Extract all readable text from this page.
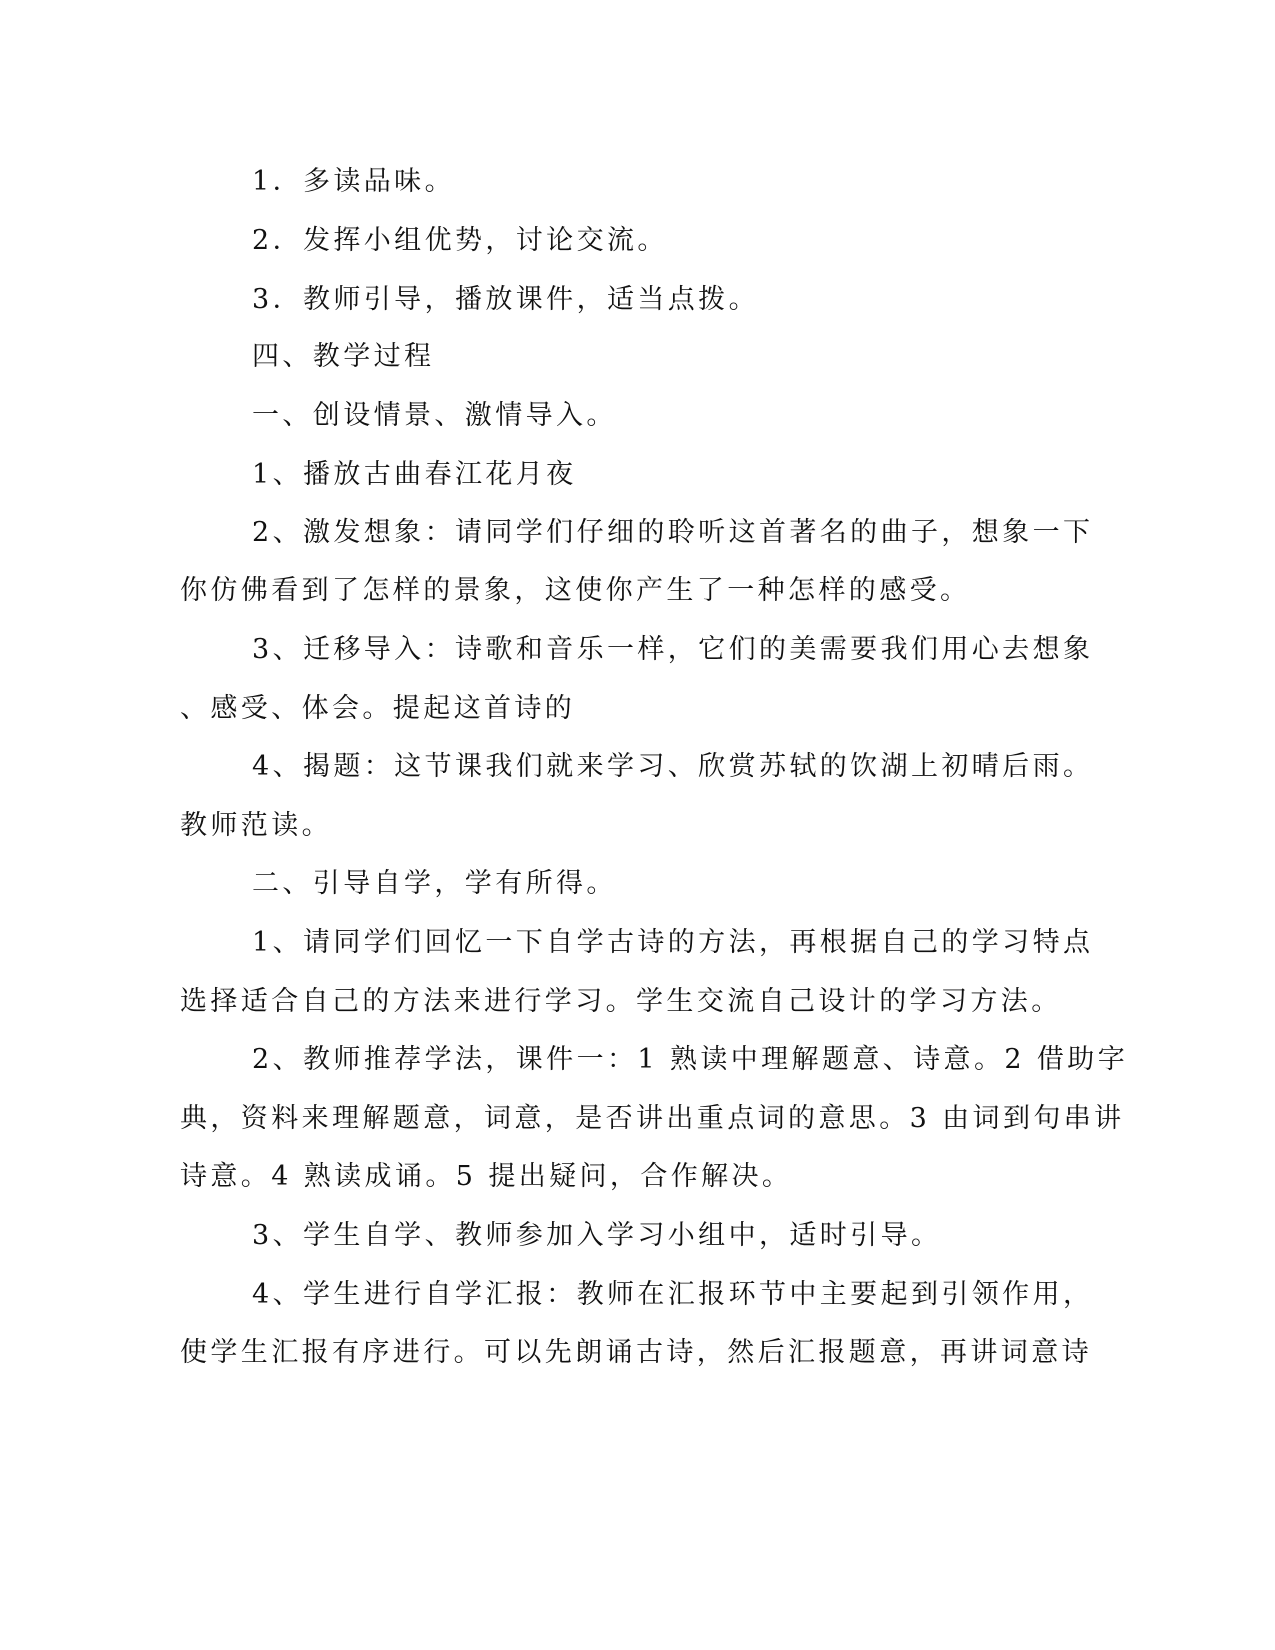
1．多读品味。
2．发挥小组优势，讨论交流。
3．教师引导，播放课件，适当点拨。
四、教学过程
一、创设情景、激情导入。
1、播放古曲春江花月夜
2、激发想象：请同学们仔细的聆听这首著名的曲子，想象一下
你仿佛看到了怎样的景象，这使你产生了一种怎样的感受。
3、迁移导入：诗歌和音乐一样，它们的美需要我们用心去想象
、感受、体会。提起这首诗的
4、揭题：这节课我们就来学习、欣赏苏轼的饮湖上初晴后雨。
教师范读。
二、引导自学，学有所得。
1、请同学们回忆一下自学古诗的方法，再根据自己的学习特点
选择适合自己的方法来进行学习。学生交流自己设计的学习方法。
2、教师推荐学法，课件一：1 熟读中理解题意、诗意。2 借助字
典，资料来理解题意，词意，是否讲出重点词的意思。3 由词到句串讲
诗意。4 熟读成诵。5 提出疑问，合作解决。
3、学生自学、教师参加入学习小组中，适时引导。
4、学生进行自学汇报：教师在汇报环节中主要起到引领作用，
使学生汇报有序进行。可以先朗诵古诗，然后汇报题意，再讲词意诗
